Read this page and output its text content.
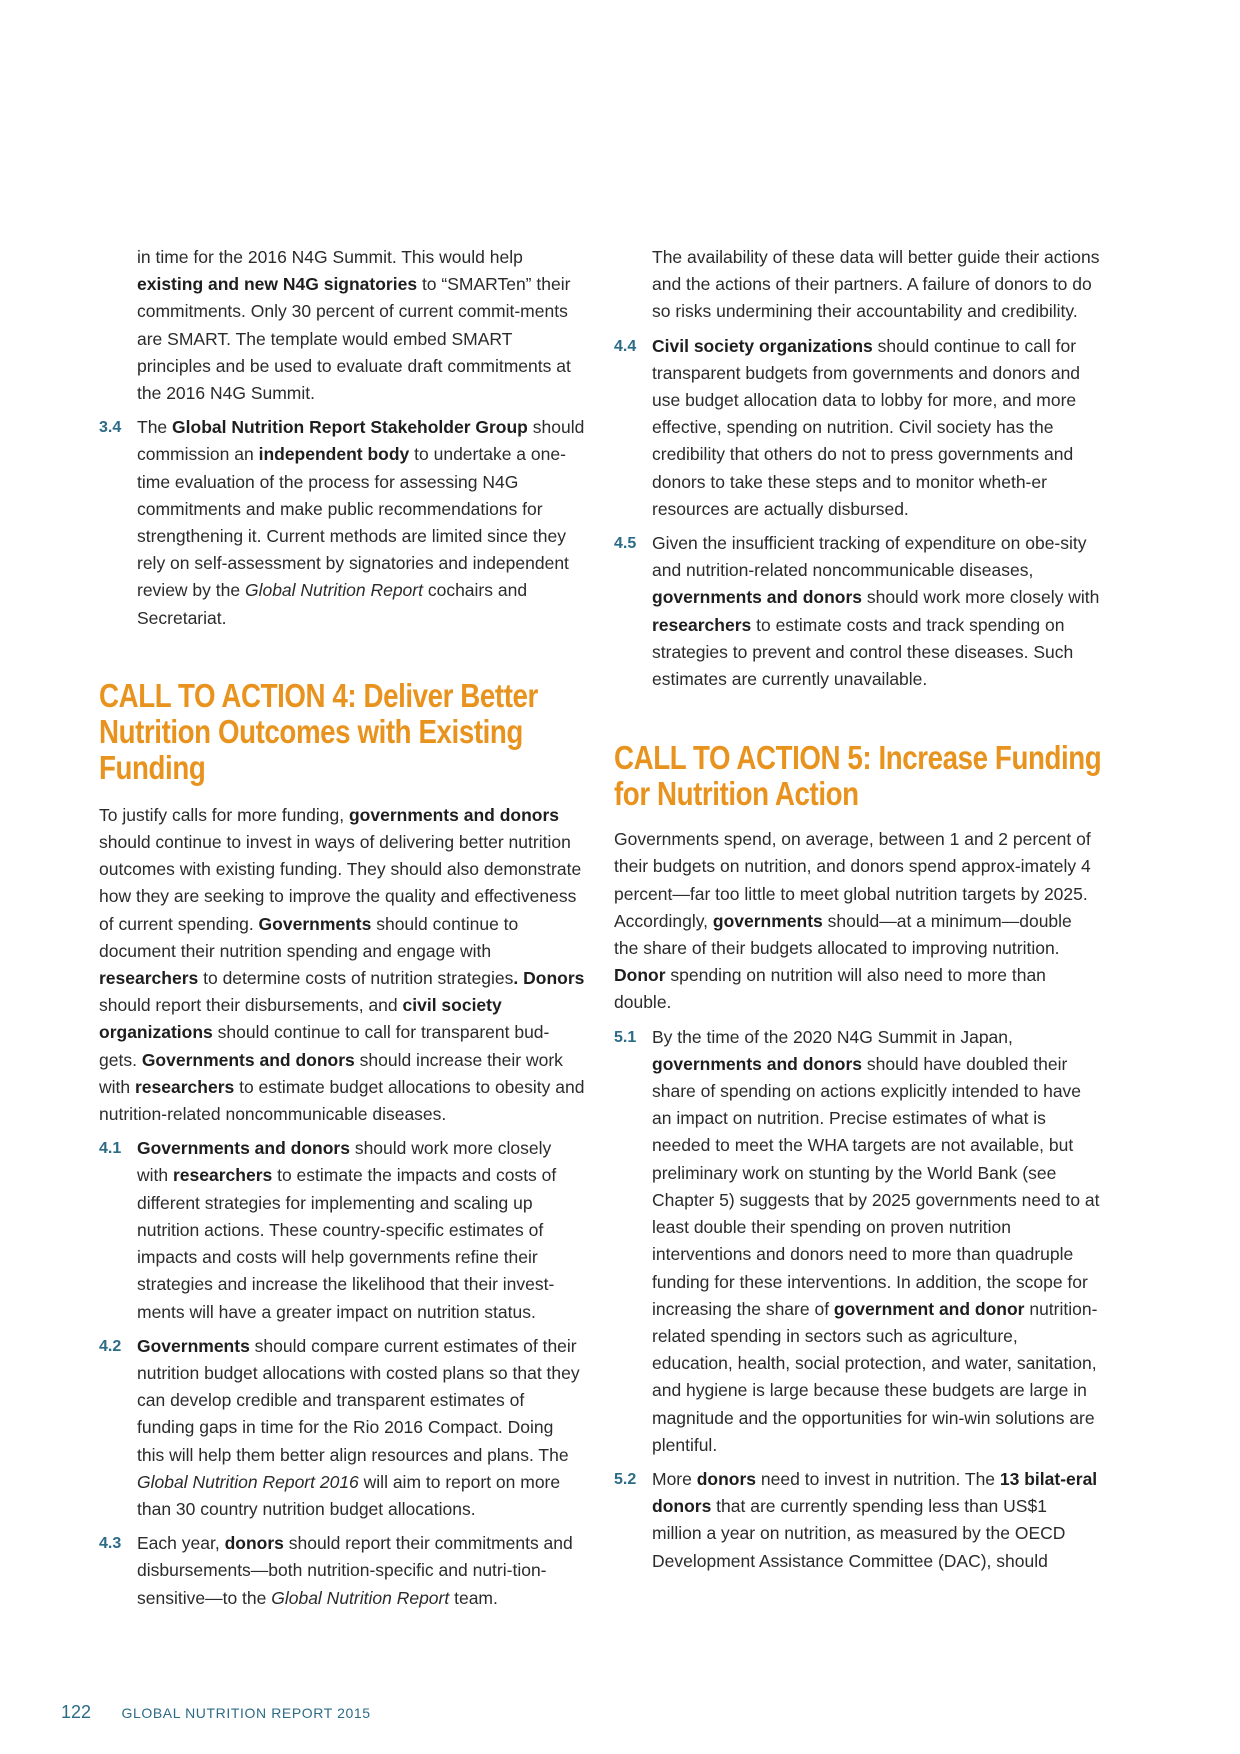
in time for the 2016 N4G Summit. This would help existing and new N4G signatories to “SMARTen” their commitments. Only 30 percent of current commit-ments are SMART. The template would embed SMART principles and be used to evaluate draft commitments at the 2016 N4G Summit.

3.4 The Global Nutrition Report Stakeholder Group should commission an independent body to undertake a one-time evaluation of the process for assessing N4G commitments and make public recommendations for strengthening it. Current methods are limited since they rely on self-assessment by signatories and independent review by the Global Nutrition Report cochairs and Secretariat.
CALL TO ACTION 4: Deliver Better Nutrition Outcomes with Existing Funding

To justify calls for more funding, governments and donors should continue to invest in ways of delivering better nutrition outcomes with existing funding. They should also demonstrate how they are seeking to improve the quality and effectiveness of current spending. Governments should continue to document their nutrition spending and engage with researchers to determine costs of nutrition strategies. Donors should report their disbursements, and civil society organizations should continue to call for transparent bud-gets. Governments and donors should increase their work with researchers to estimate budget allocations to obesity and nutrition-related noncommunicable diseases.

4.1 Governments and donors should work more closely with researchers to estimate the impacts and costs of different strategies for implementing and scaling up nutrition actions. These country-specific estimates of impacts and costs will help governments refine their strategies and increase the likelihood that their invest-ments will have a greater impact on nutrition status.
4.2 Governments should compare current estimates of their nutrition budget allocations with costed plans so that they can develop credible and transparent estimates of funding gaps in time for the Rio 2016 Compact. Doing this will help them better align resources and plans. The Global Nutrition Report 2016 will aim to report on more than 30 country nutrition budget allocations.
4.3 Each year, donors should report their commitments and disbursements—both nutrition-specific and nutri-tion-sensitive—to the Global Nutrition Report team.

The availability of these data will better guide their actions and the actions of their partners. A failure of donors to do so risks undermining their accountability and credibility.

4.4 Civil society organizations should continue to call for transparent budgets from governments and donors and use budget allocation data to lobby for more, and more effective, spending on nutrition. Civil society has the credibility that others do not to press governments and donors to take these steps and to monitor wheth-er resources are actually disbursed.
4.5 Given the insufficient tracking of expenditure on obe-sity and nutrition-related noncommunicable diseases, governments and donors should work more closely with researchers to estimate costs and track spending on strategies to prevent and control these diseases. Such estimates are currently unavailable.
CALL TO ACTION 5: Increase Funding for Nutrition Action

Governments spend, on average, between 1 and 2 percent of their budgets on nutrition, and donors spend approx-imately 4 percent—far too little to meet global nutrition targets by 2025. Accordingly, governments should—at a minimum—double the share of their budgets allocated to improving nutrition. Donor spending on nutrition will also need to more than double.

5.1 By the time of the 2020 N4G Summit in Japan, governments and donors should have doubled their share of spending on actions explicitly intended to have an impact on nutrition. Precise estimates of what is needed to meet the WHA targets are not available, but preliminary work on stunting by the World Bank (see Chapter 5) suggests that by 2025 governments need to at least double their spending on proven nutrition interventions and donors need to more than quadruple funding for these interventions. In addition, the scope for increasing the share of government and donor nutrition-related spending in sectors such as agriculture, education, health, social protection, and water, sanitation, and hygiene is large because these budgets are large in magnitude and the opportunities for win-win solutions are plentiful.
5.2 More donors need to invest in nutrition. The 13 bilat-eral donors that are currently spending less than US$1 million a year on nutrition, as measured by the OECD Development Assistance Committee (DAC), should
122 GLOBAL NUTRITION REPORT 2015
